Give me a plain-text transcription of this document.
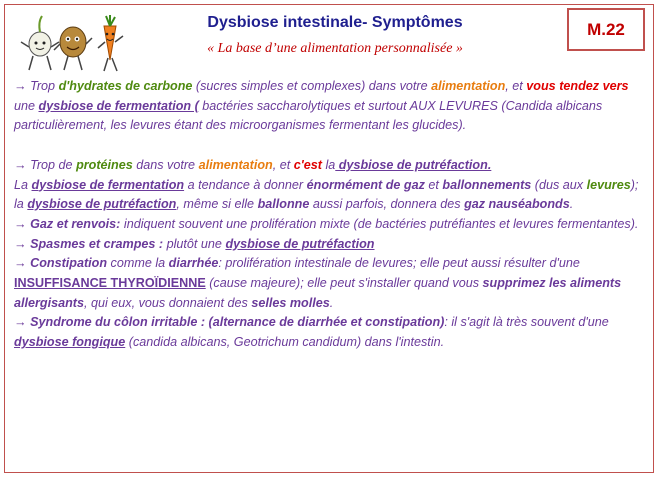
Dysbiose intestinale- Symptômes
« La base d’une alimentation personnalisée »
M.22

→ Trop d'hydrates de carbone (sucres simples et complexes) dans votre alimentation, et vous tendez vers une dysbiose de fermentation ( bactéries saccharolytiques et surtout AUX LEVURES (Candida albicans particulièrement, les levures étant des microorganismes fermentant les glucides).

→ Trop de protéines dans votre alimentation, et c'est la dysbiose de putréfaction.

La dysbiose de fermentation a tendance à donner énormément de gaz et ballonnements (dus aux levures); la dysbiose de putréfaction, même si elle ballonne aussi parfois, donnera des gaz nauséabonds.

→ Gaz et renvois: indiquent souvent une prolifération mixte (de bactéries putréfiantes et levures fermentantes).

→ Spasmes et crampes : plutôt une dysbiose de putréfaction

→ Constipation comme la diarrhée: prolifération intestinale de levures; elle peut aussi résulter d'une INSUFFISANCE THYROÏDIENNE (cause majeure); elle peut s'installer quand vous supprimez les aliments allergisants, qui eux, vous donnaient des selles molles.

→ Syndrome du côlon irritable : (alternance de diarrhée et constipation): il s'agit là très souvent d'une dysbiose fongique (candida albicans, Geotrichum candidum) dans l'intestin.
